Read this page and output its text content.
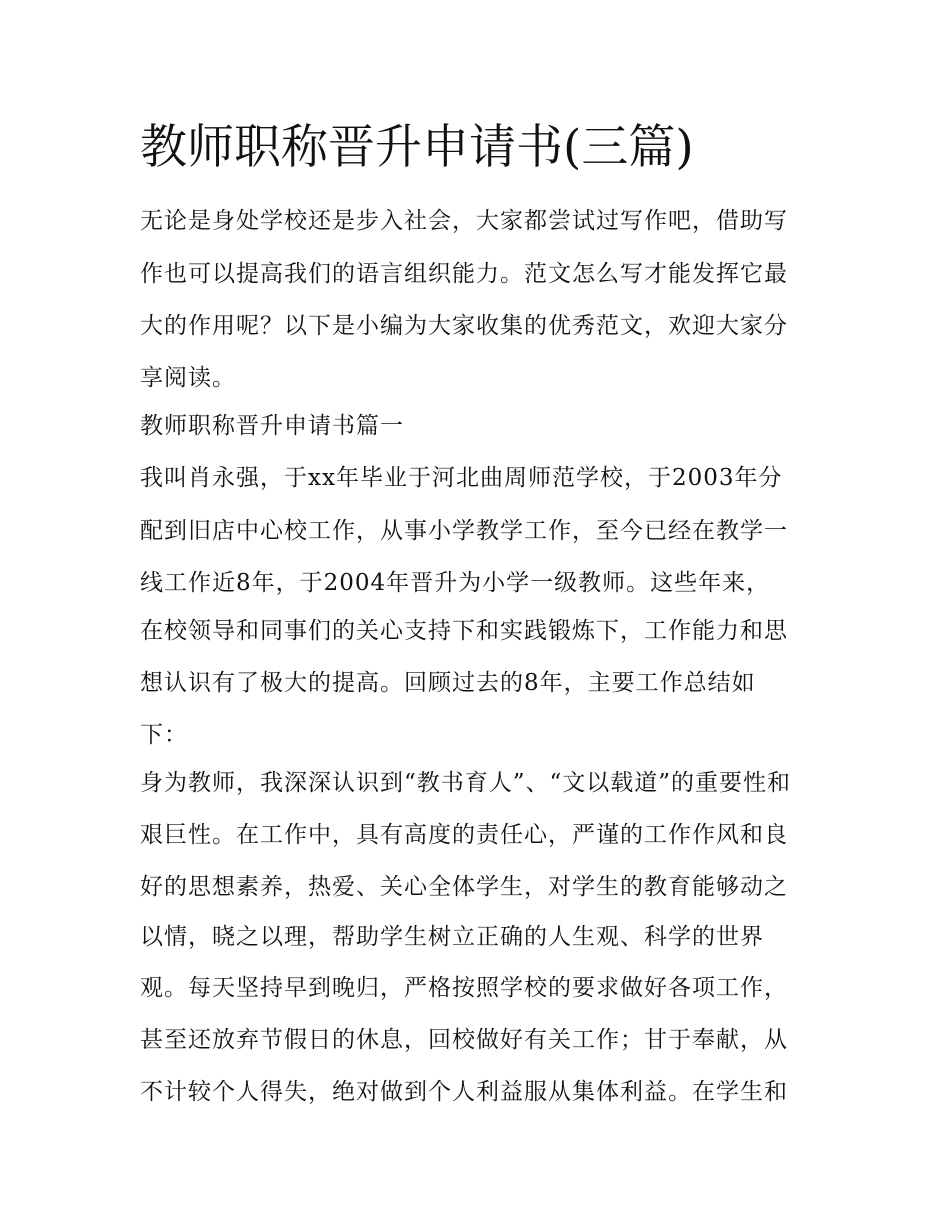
教师职称晋升申请书(三篇)

无论是身处学校还是步入社会，大家都尝试过写作吧，借助写

作也可以提高我们的语言组织能力。范文怎么写才能发挥它最

大的作用呢？以下是小编为大家收集的优秀范文，欢迎大家分

享阅读。

教师职称晋升申请书篇一

我叫肖永强，于xx年毕业于河北曲周师范学校，于2003年分

配到旧店中心校工作，从事小学教学工作，至今已经在教学一

线工作近8年，于2004年晋升为小学一级教师。这些年来，

在校领导和同事们的关心支持下和实践锻炼下，工作能力和思

想认识有了极大的提高。回顾过去的8年，主要工作总结如

下：

身为教师，我深深认识到“教书育人”、“文以载道”的重要性和

艰巨性。在工作中，具有高度的责任心，严谨的工作作风和良

好的思想素养，热爱、关心全体学生，对学生的教育能够动之

以情，晓之以理，帮助学生树立正确的人生观、科学的世界

观。每天坚持早到晚归，严格按照学校的要求做好各项工作，

甚至还放弃节假日的休息，回校做好有关工作；甘于奉献，从

不计较个人得失，绝对做到个人利益服从集体利益。在学生和
